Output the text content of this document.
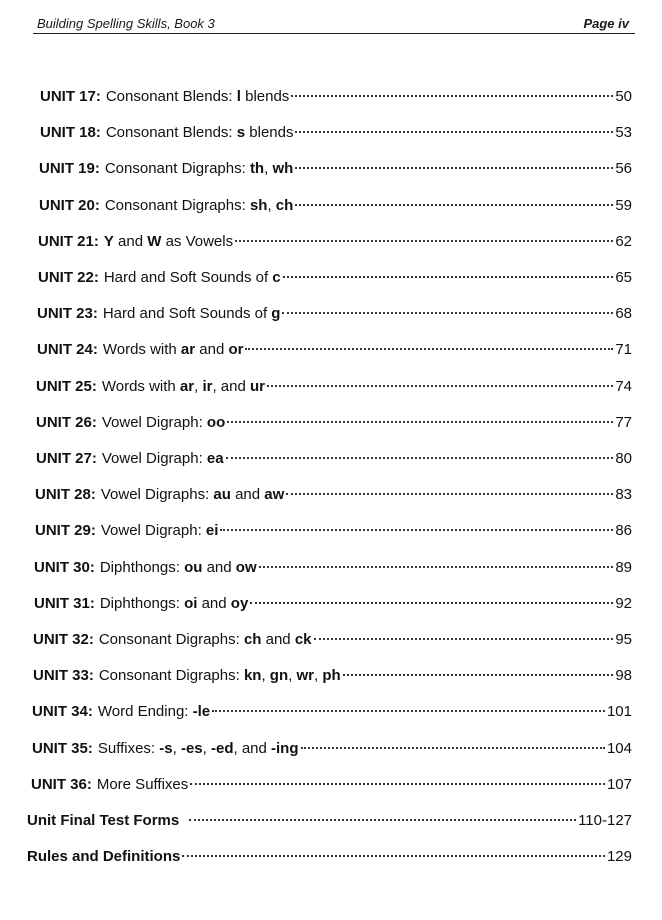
Building Spelling Skills, Book 3	Page iv
UNIT 17: Consonant Blends: l blends	50
UNIT 18: Consonant Blends: s blends	53
UNIT 19: Consonant Digraphs: th, wh	56
UNIT 20: Consonant Digraphs: sh, ch	59
UNIT 21: Y and W as Vowels	62
UNIT 22: Hard and Soft Sounds of c	65
UNIT 23: Hard and Soft Sounds of g	68
UNIT 24: Words with ar and or	71
UNIT 25: Words with ar, ir, and ur	74
UNIT 26: Vowel Digraph: oo	77
UNIT 27: Vowel Digraph: ea	80
UNIT 28: Vowel Digraphs: au and aw	83
UNIT 29: Vowel Digraph: ei	86
UNIT 30: Diphthongs: ou and ow	89
UNIT 31: Diphthongs: oi and oy	92
UNIT 32: Consonant Digraphs: ch and ck	95
UNIT 33: Consonant Digraphs: kn, gn, wr, ph	98
UNIT 34: Word Ending: -le	101
UNIT 35: Suffixes: -s, -es, -ed, and -ing	104
UNIT 36: More Suffixes	107
Unit Final Test Forms	110-127
Rules and Definitions	129
